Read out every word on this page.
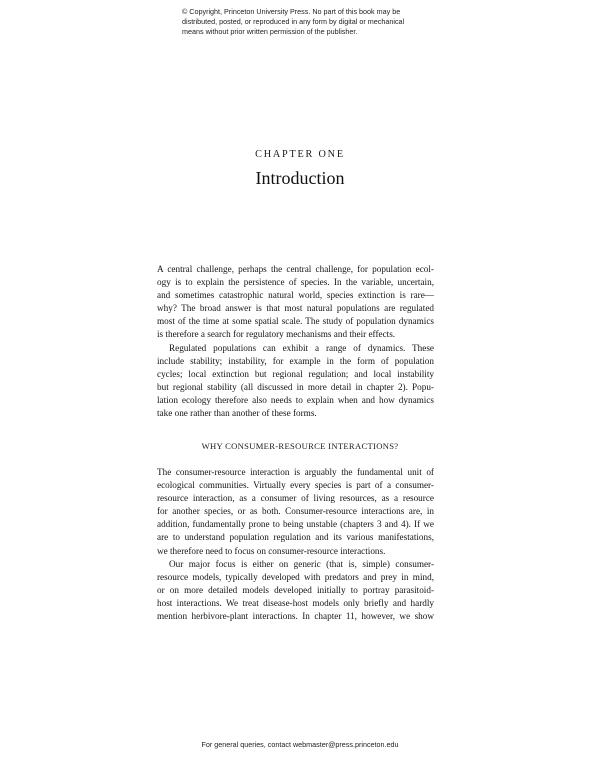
© Copyright, Princeton University Press. No part of this book may be
distributed, posted, or reproduced in any form by digital or mechanical
means without prior written permission of the publisher.
CHAPTER ONE
Introduction

A central challenge, perhaps the central challenge, for population ecol-
ogy is to explain the persistence of species. In the variable, uncertain,
and sometimes catastrophic natural world, species extinction is rare—
why? The broad answer is that most natural populations are regulated
most of the time at some spatial scale. The study of population dynamics
is therefore a search for regulatory mechanisms and their effects.

Regulated populations can exhibit a range of dynamics. These
include stability; instability, for example in the form of population
cycles; local extinction but regional regulation; and local instability
but regional stability (all discussed in more detail in chapter 2). Popu-
lation ecology therefore also needs to explain when and how dynamics
take one rather than another of these forms.

WHY CONSUMER-RESOURCE INTERACTIONS?

The consumer-resource interaction is arguably the fundamental unit of
ecological communities. Virtually every species is part of a consumer-
resource interaction, as a consumer of living resources, as a resource
for another species, or as both. Consumer-resource interactions are, in
addition, fundamentally prone to being unstable (chapters 3 and 4). If we
are to understand population regulation and its various manifestations,
we therefore need to focus on consumer-resource interactions.

Our major focus is either on generic (that is, simple) consumer-
resource models, typically developed with predators and prey in mind,
or on more detailed models developed initially to portray parasitoid-
host interactions. We treat disease-host models only briefly and hardly
mention herbivore-plant interactions. In chapter 11, however, we show

For general queries, contact webmaster@press.princeton.edu
